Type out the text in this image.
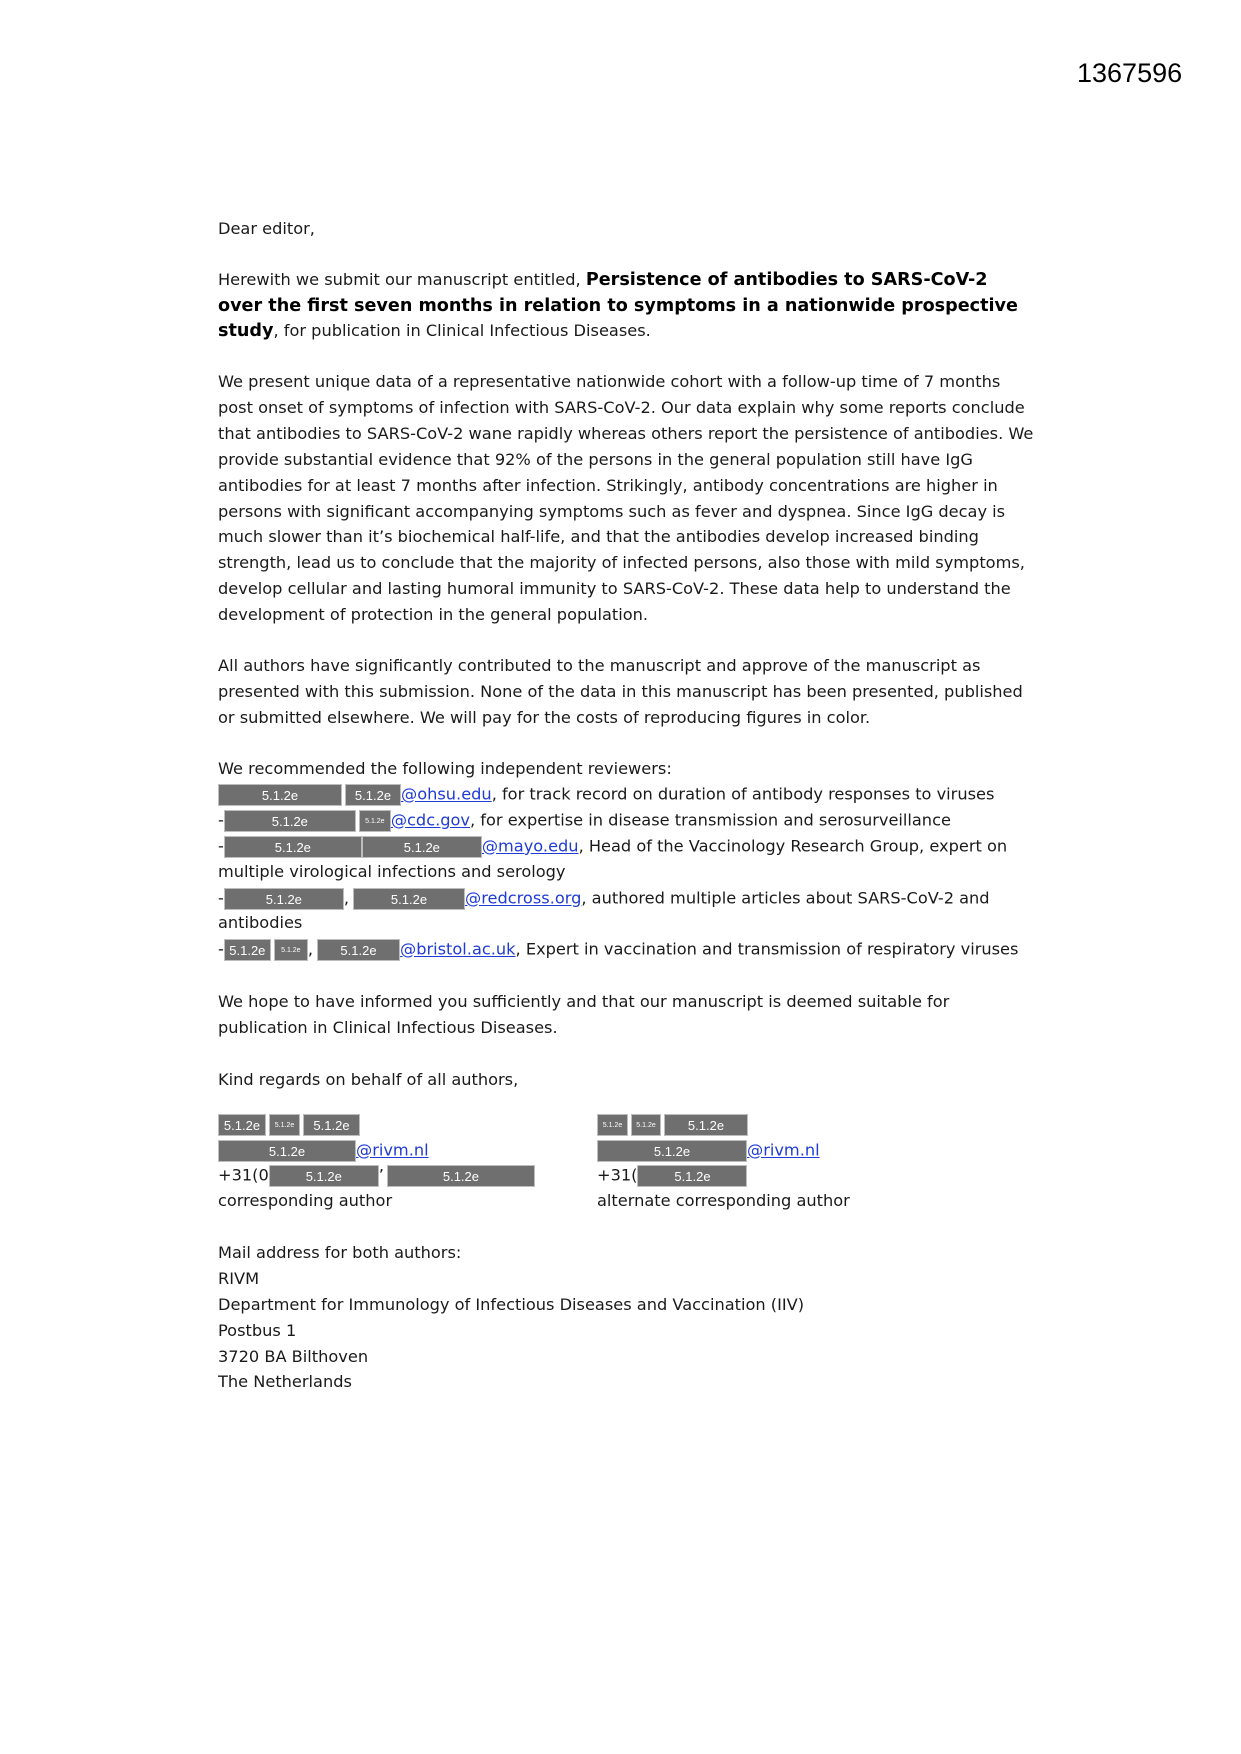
1367596
Dear editor,
Herewith we submit our manuscript entitled, Persistence of antibodies to SARS-CoV-2
over the first seven months in relation to symptoms in a nationwide prospective
study, for publication in Clinical Infectious Diseases.
We present unique data of a representative nationwide cohort with a follow-up time of 7 months
post onset of symptoms of infection with SARS-CoV-2. Our data explain why some reports conclude
that antibodies to SARS-CoV-2 wane rapidly whereas others report the persistence of antibodies. We
provide substantial evidence that 92% of the persons in the general population still have IgG
antibodies for at least 7 months after infection. Strikingly, antibody concentrations are higher in
persons with significant accompanying symptoms such as fever and dyspnea. Since IgG decay is
much slower than it’s biochemical half-life, and that the antibodies develop increased binding
strength, lead us to conclude that the majority of infected persons, also those with mild symptoms,
develop cellular and lasting humoral immunity to SARS-CoV-2. These data help to understand the
development of protection in the general population.
All authors have significantly contributed to the manuscript and approve of the manuscript as
presented with this submission. None of the data in this manuscript has been presented, published
or submitted elsewhere. We will pay for the costs of reproducing figures in color.
We recommended the following independent reviewers:
5.1.2e	5.1.2e @ohsu.edu, for track record on duration of antibody responses to viruses
-	5.1.2e	5.1.2e @cdc.gov, for expertise in disease transmission and serosurveillance
-	5.1.2e	5.1.2e	@mayo.edu, Head of the Vaccinology Research Group, expert on
multiple virological infections and serology
-	5.1.2e	,	5.1.2e @redcross.org, authored multiple articles about SARS-CoV-2 and
antibodies
- 5.1.2e 5.1.2e , 5.1.2e @bristol.ac.uk, Expert in vaccination and transmission of respiratory viruses
We hope to have informed you sufficiently and that our manuscript is deemed suitable for
publication in Clinical Infectious Diseases.
Kind regards on behalf of all authors,
5.1.2e 5.1.2e 5.1.2e
5.1.2e	@rivm.nl
+31(0	5.1.2e ’	5.1.2e
corresponding author
5.1.2e 5.1.2e 5.1.2e
5.1.2e	@rivm.nl
+31(	5.1.2e
alternate corresponding author
Mail address for both authors:
RIVM
Department for Immunology of Infectious Diseases and Vaccination (IIV)
Postbus 1
3720 BA Bilthoven
The Netherlands
